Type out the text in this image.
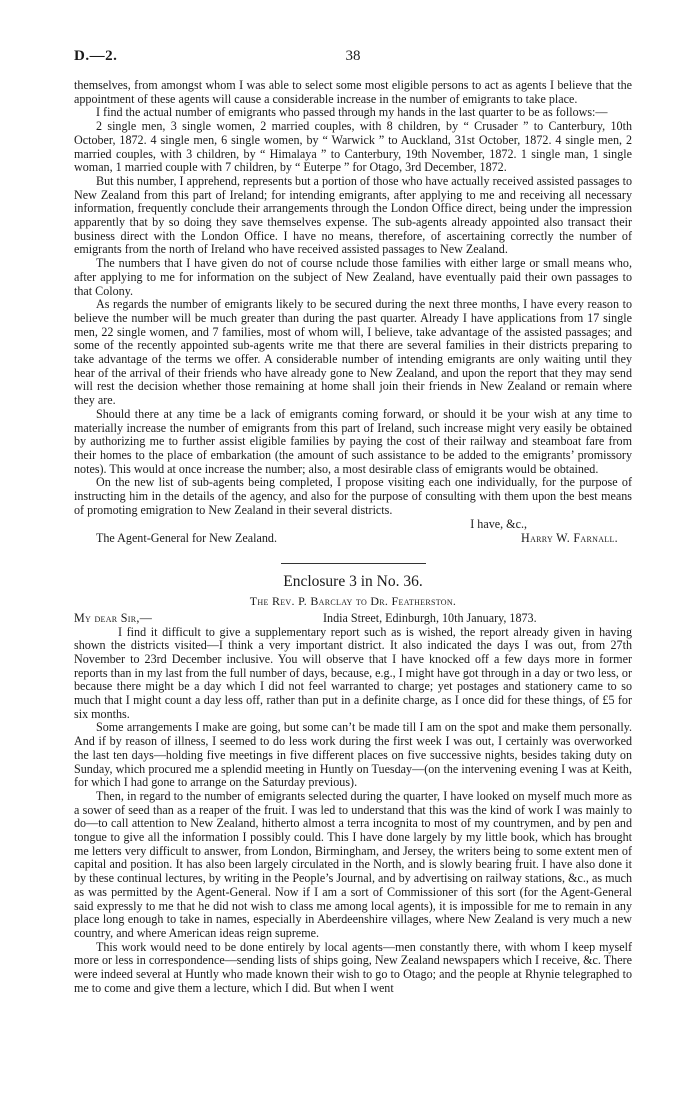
D.—2.	38

themselves, from amongst whom I was able to select some most eligible persons to act as agents I believe that the appointment of these agents will cause a considerable increase in the number of emigrants to take place.

I find the actual number of emigrants who passed through my hands in the last quarter to be as follows:—

2 single men, 3 single women, 2 married couples, with 8 children, by “ Crusader ” to Canterbury, 10th October, 1872. 4 single men, 6 single women, by “ Warwick ” to Auckland, 31st October, 1872. 4 single men, 2 married couples, with 3 children, by “ Himalaya ” to Canterbury, 19th November, 1872. 1 single man, 1 single woman, 1 married couple with 7 children, by “ Euterpe ” for Otago, 3rd December, 1872.

But this number, I apprehend, represents but a portion of those who have actually received assisted passages to New Zealand from this part of Ireland; for intending emigrants, after applying to me and receiving all necessary information, frequently conclude their arrangements through the London Office direct, being under the impression apparently that by so doing they save themselves expense. The sub-agents already appointed also transact their business direct with the London Office. I have no means, therefore, of ascertaining correctly the number of emigrants from the north of Ireland who have received assisted passages to New Zealand.

The numbers that I have given do not of course nclude those families with either large or small means who, after applying to me for information on the subject of New Zealand, have eventually paid their own passages to that Colony.

As regards the number of emigrants likely to be secured during the next three months, I have every reason to believe the number will be much greater than during the past quarter. Already I have applications from 17 single men, 22 single women, and 7 families, most of whom will, I believe, take advantage of the assisted passages; and some of the recently appointed sub-agents write me that there are several families in their districts preparing to take advantage of the terms we offer. A considerable number of intending emigrants are only waiting until they hear of the arrival of their friends who have already gone to New Zealand, and upon the report that they may send will rest the decision whether those remaining at home shall join their friends in New Zealand or remain where they are.

Should there at any time be a lack of emigrants coming forward, or should it be your wish at any time to materially increase the number of emigrants from this part of Ireland, such increase might very easily be obtained by authorizing me to further assist eligible families by paying the cost of their railway and steamboat fare from their homes to the place of embarkation (the amount of such assistance to be added to the emigrants’ promissory notes). This would at once increase the number; also, a most desirable class of emigrants would be obtained.

On the new list of sub-agents being completed, I propose visiting each one individually, for the purpose of instructing him in the details of the agency, and also for the purpose of consulting with them upon the best means of promoting emigration to New Zealand in their several districts.

I have, &c.,
The Agent-General for New Zealand.	Harry W. Farnall.
Enclosure 3 in No. 36.
The Rev. P. Barclay to Dr. Featherston.
My dear Sir,—	India Street, Edinburgh, 10th January, 1873.

I find it difficult to give a supplementary report such as is wished, the report already given in having shown the districts visited—I think a very important district. It also indicated the days I was out, from 27th November to 23rd December inclusive. You will observe that I have knocked off a few days more in former reports than in my last from the full number of days, because, e.g., I might have got through in a day or two less, or because there might be a day which I did not feel warranted to charge; yet postages and stationery came to so much that I might count a day less off, rather than put in a definite charge, as I once did for these things, of £5 for six months.

Some arrangements I make are going, but some can’t be made till I am on the spot and make them personally. And if by reason of illness, I seemed to do less work during the first week I was out, I certainly was overworked the last ten days—holding five meetings in five different places on five successive nights, besides taking duty on Sunday, which procured me a splendid meeting in Huntly on Tuesday—(on the intervening evening I was at Keith, for which I had gone to arrange on the Saturday previous).

Then, in regard to the number of emigrants selected during the quarter, I have looked on myself much more as a sower of seed than as a reaper of the fruit. I was led to understand that this was the kind of work I was mainly to do—to call attention to New Zealand, hitherto almost a terra incognita to most of my countrymen, and by pen and tongue to give all the information I possibly could. This I have done largely by my little book, which has brought me letters very difficult to answer, from London, Birmingham, and Jersey, the writers being to some extent men of capital and position. It has also been largely circulated in the North, and is slowly bearing fruit. I have also done it by these continual lectures, by writing in the People’s Journal, and by advertising on railway stations, &c., as much as was permitted by the Agent-General. Now if I am a sort of Commissioner of this sort (for the Agent-General said expressly to me that he did not wish to class me among local agents), it is impossible for me to remain in any place long enough to take in names, especially in Aberdeenshire villages, where New Zealand is very much a new country, and where American ideas reign supreme.

This work would need to be done entirely by local agents—men constantly there, with whom I keep myself more or less in correspondence—sending lists of ships going, New Zealand newspapers which I receive, &c. There were indeed several at Huntly who made known their wish to go to Otago; and the people at Rhynie telegraphed to me to come and give them a lecture, which I did. But when I went
